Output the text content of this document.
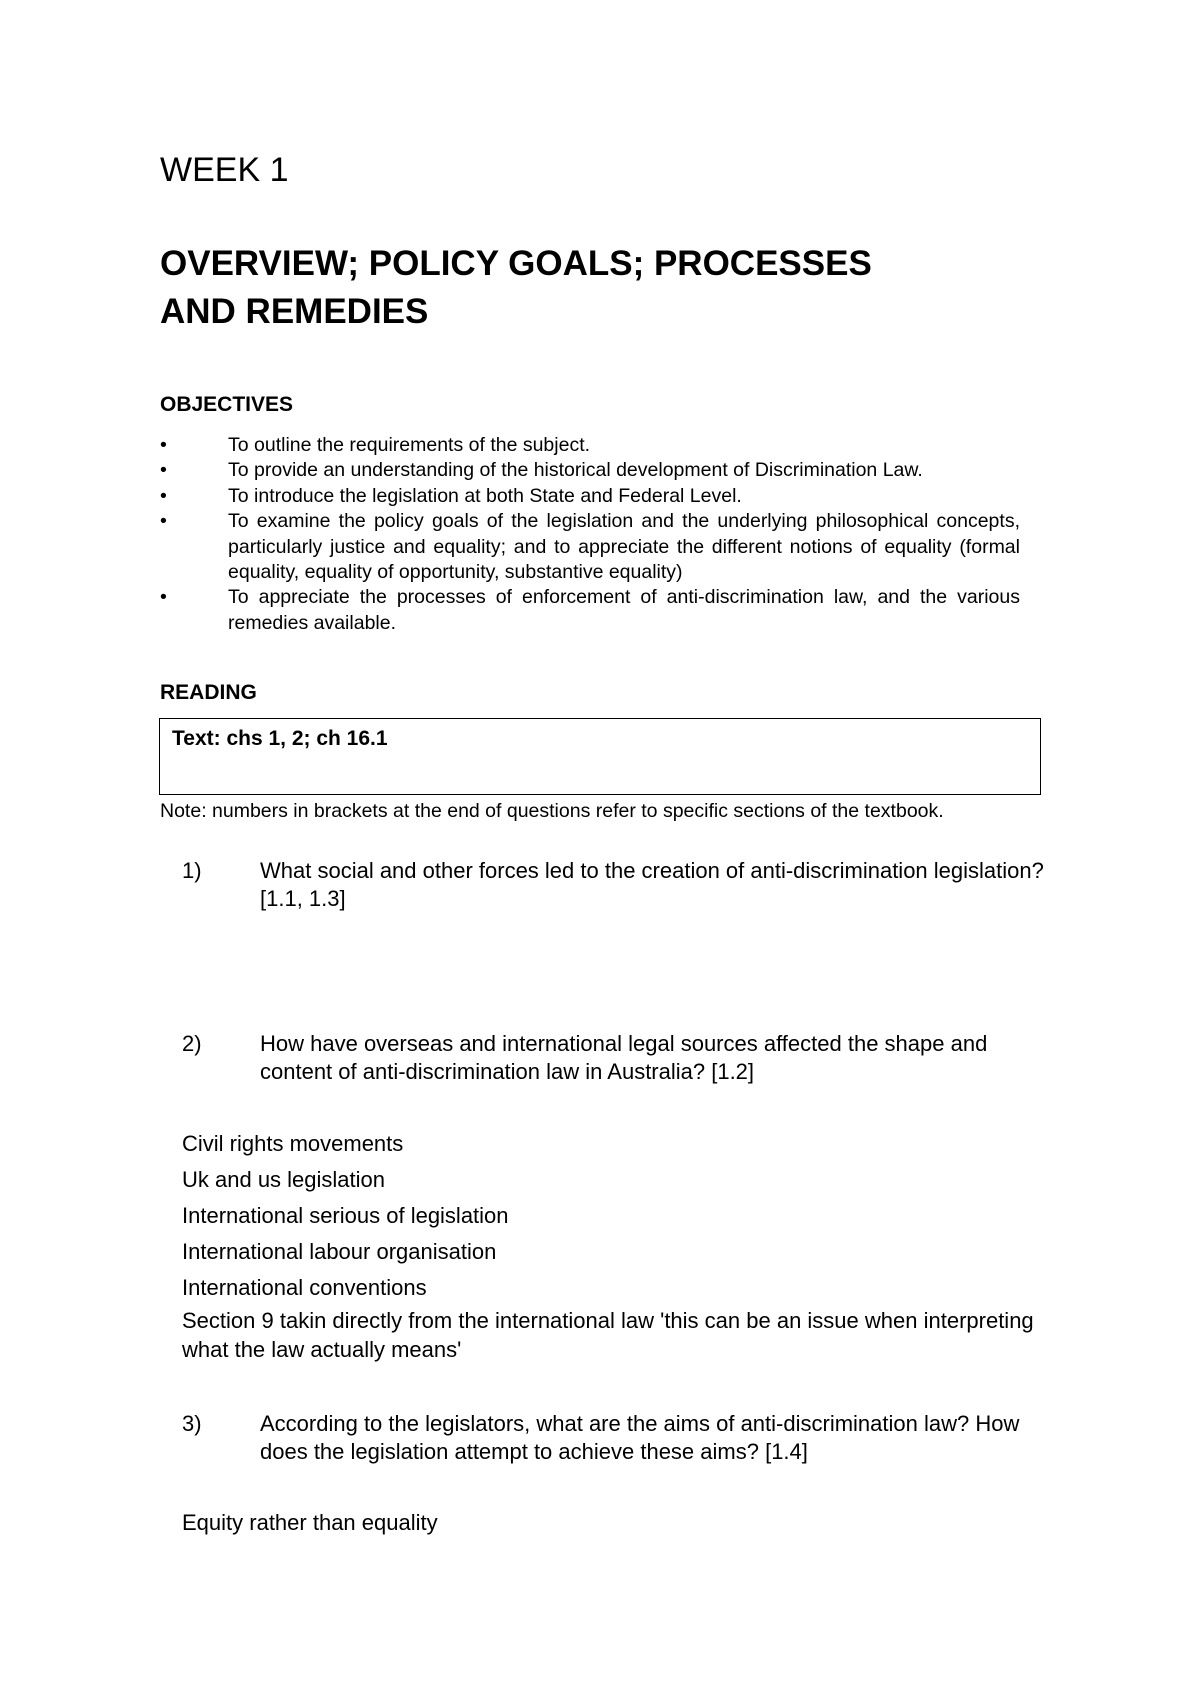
WEEK 1
OVERVIEW; POLICY GOALS; PROCESSES
AND REMEDIES
OBJECTIVES
•	To outline the requirements of the subject.
•	To provide an understanding of the historical development of Discrimination Law.
•	To introduce the legislation at both State and Federal Level.
•	To examine the policy goals of the legislation and the underlying philosophical concepts, particularly justice and equality; and to appreciate the different notions of equality (formal equality, equality of opportunity, substantive equality)
•	To appreciate the processes of enforcement of anti-discrimination law, and the various remedies available.
READING
Text: chs 1, 2; ch 16.1
Note: numbers in brackets at the end of questions refer to specific sections of the textbook.
1)	What social and other forces led to the creation of anti-discrimination legislation? [1.1, 1.3]
2)	How have overseas and international legal sources affected the shape and content of anti-discrimination law in Australia? [1.2]
Civil rights movements
Uk and us legislation
International serious of legislation
International labour organisation
International conventions
Section 9 takin directly from the international law 'this can be an issue when interpreting what the law actually means'
3)	According to the legislators, what are the aims of anti-discrimination law? How does the legislation attempt to achieve these aims? [1.4]
Equity rather than equality
